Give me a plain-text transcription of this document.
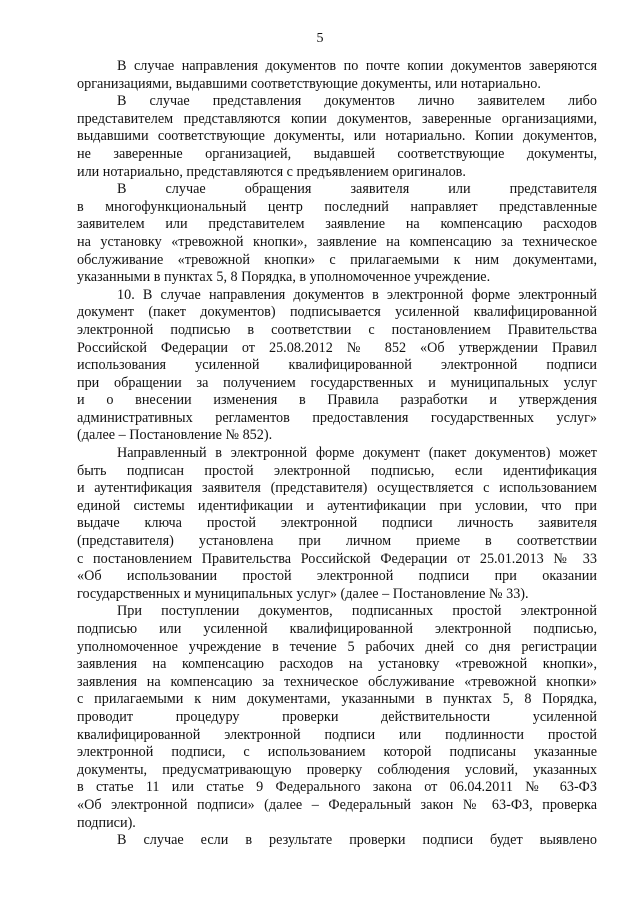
5
В случае направления документов по почте копии документов заверяются
организациями, выдавшими соответствующие документы, или нотариально.
В случае представления документов лично заявителем либо
представителем представляются копии документов, заверенные организациями,
выдавшими соответствующие документы, или нотариально. Копии документов,
не заверенные организацией, выдавшей соответствующие документы,
или нотариально, представляются с предъявлением оригиналов.
В случае обращения заявителя или представителя
в многофункциональный центр последний направляет представленные
заявителем или представителем заявление на компенсацию расходов
на установку «тревожной кнопки», заявление на компенсацию за техническое
обслуживание «тревожной кнопки» с прилагаемыми к ним документами,
указанными в пунктах 5, 8 Порядка, в уполномоченное учреждение.
10. В случае направления документов в электронной форме электронный
документ (пакет документов) подписывается усиленной квалифицированной
электронной подписью в соответствии с постановлением Правительства
Российской Федерации от 25.08.2012 № 852 «Об утверждении Правил
использования усиленной квалифицированной электронной подписи
при обращении за получением государственных и муниципальных услуг
и о внесении изменения в Правила разработки и утверждения
административных регламентов предоставления государственных услуг»
(далее – Постановление № 852).
Направленный в электронной форме документ (пакет документов) может
быть подписан простой электронной подписью, если идентификация
и аутентификация заявителя (представителя) осуществляется с использованием
единой системы идентификации и аутентификации при условии, что при
выдаче ключа простой электронной подписи личность заявителя
(представителя) установлена при личном приеме в соответствии
с постановлением Правительства Российской Федерации от 25.01.2013 № 33
«Об использовании простой электронной подписи при оказании
государственных и муниципальных услуг» (далее – Постановление № 33).
При поступлении документов, подписанных простой электронной
подписью или усиленной квалифицированной электронной подписью,
уполномоченное учреждение в течение 5 рабочих дней со дня регистрации
заявления на компенсацию расходов на установку «тревожной кнопки»,
заявления на компенсацию за техническое обслуживание «тревожной кнопки»
с прилагаемыми к ним документами, указанными в пунктах 5, 8 Порядка,
проводит процедуру проверки действительности усиленной
квалифицированной электронной подписи или подлинности простой
электронной подписи, с использованием которой подписаны указанные
документы, предусматривающую проверку соблюдения условий, указанных
в статье 11 или статье 9 Федерального закона от 06.04.2011 № 63-ФЗ
«Об электронной подписи» (далее – Федеральный закон № 63-ФЗ, проверка
подписи).
В случае если в результате проверки подписи будет выявлено
